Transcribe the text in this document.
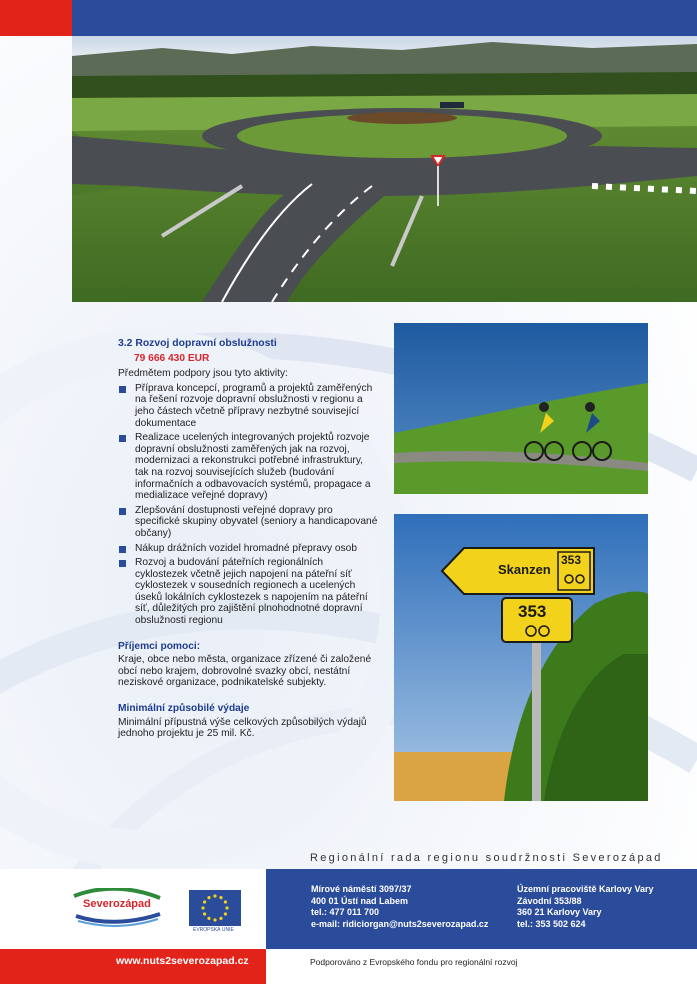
Skanzen
353
353

3.2 Rozvoj dopravní obslužnosti

79 666 430 EUR

Předmětem podpory jsou tyto aktivity:

Příprava koncepcí, programů a projektů zaměřených na řešení rozvoje dopravní obslužnosti v regionu a jeho částech včetně přípravy nezbytné související dokumentace
Realizace ucelených integrovaných projektů rozvoje dopravní obslužnosti zaměřených jak na rozvoj, modernizaci a rekonstrukci potřebné infrastruktury, tak na rozvoj souvisejících služeb (budování informačních a odbavovacích systémů, propagace a medializace veřejné dopravy)
Zlepšování dostupnosti veřejné dopravy pro specifické skupiny obyvatel (seniory a handicapované občany)
Nákup drážních vozidel hromadné přepravy osob
Rozvoj a budování páteřních regionálních cyklostezek včetně jejich napojení na páteřní síť cyklostezek v sousedních regionech a ucelených úseků lokálních cyklostezek s napojením na páteřní síť, důležitých pro zajištění plnohodnotné dopravní obslužnosti regionu

Příjemci pomoci:

Kraje, obce nebo města, organizace zřízené či založené obcí nebo krajem, dobrovolné svazky obcí, nestátní neziskové organizace, podnikatelské subjekty.

Minimální způsobilé výdaje

Minimální přípustná výše celkových způsobilých výdajů jednoho projektu je 25 mil. Kč.

Regionální rada regionu soudržnosti Severozápad
Severozápad
EVROPSKÁ UNIE
Mírové náměstí 3097/37
400 01 Ústí nad Labem
tel.: 477 011 700
e-mail: ridiciorgan@nuts2severozapad.cz
Územní pracoviště Karlovy Vary
Závodní 353/88
360 21 Karlovy Vary
tel.: 353 502 624
www.nuts2severozapad.cz	Podporováno z Evropského fondu pro regionální rozvoj
